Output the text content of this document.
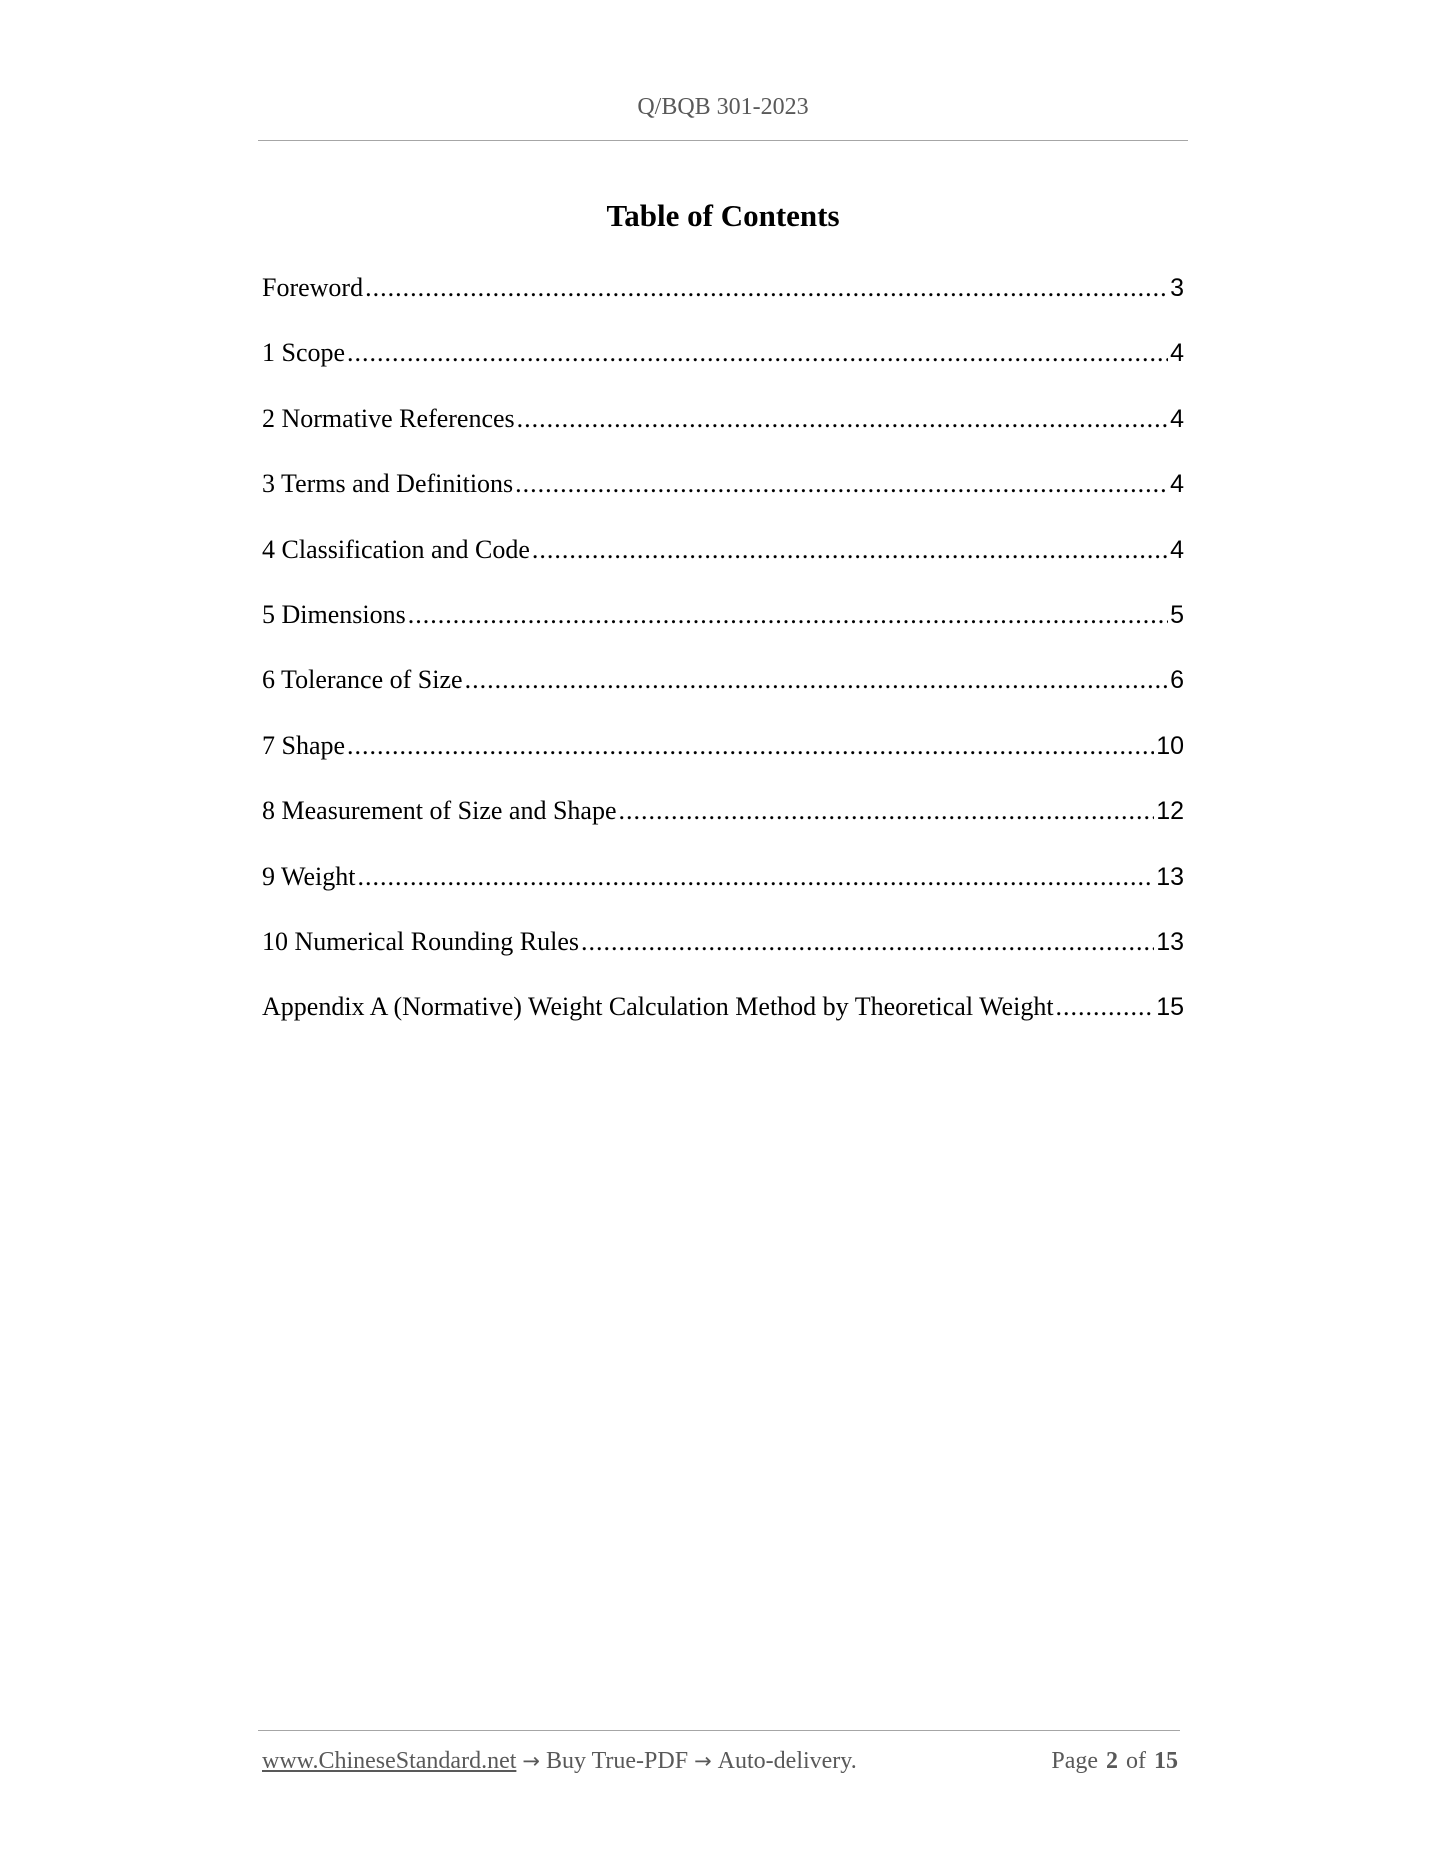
Q/BQB 301-2023
Table of Contents
Foreword .....	3
1 Scope .....	4
2 Normative References .....	4
3 Terms and Definitions .....	4
4 Classification and Code .....	4
5 Dimensions .....	5
6 Tolerance of Size .....	6
7 Shape .....	10
8 Measurement of Size and Shape .....	12
9 Weight .....	13
10 Numerical Rounding Rules .....	13
Appendix A (Normative) Weight Calculation Method by Theoretical Weight .....	15
www.ChineseStandard.net → Buy True-PDF → Auto-delivery.	Page 2 of 15
